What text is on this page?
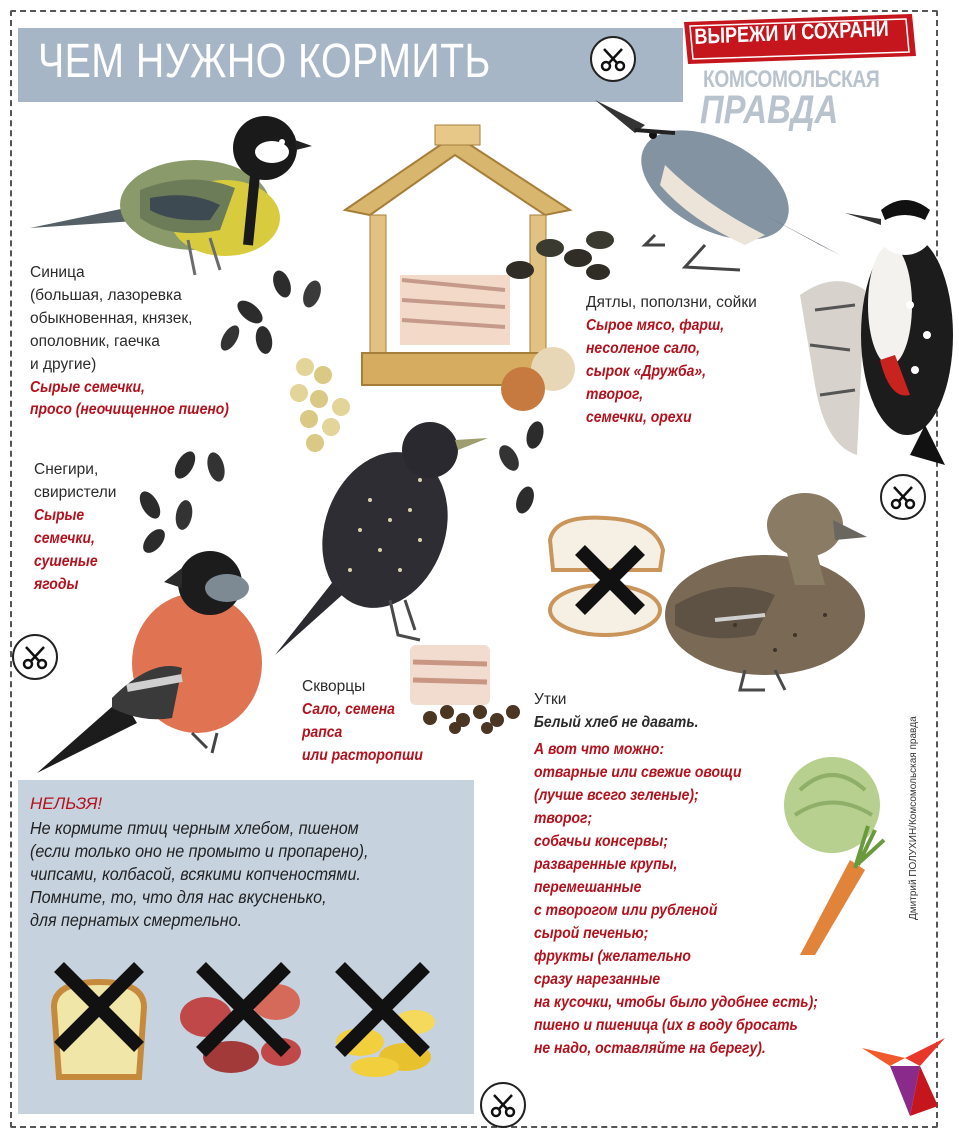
ЧЕМ НУЖНО КОРМИТЬ
ВЫРЕЖИ И СОХРАНИ
КОМСОМОЛЬСКАЯ
ПРАВДА
Синица
(большая, лазоревка
обыкновенная, князек,
ополовник, гаечка
и другие)
Сырые семечки,
просо (неочищенное пшено)
Дятлы, поползни, сойки
Сырое мясо, фарш,
несоленое сало,
сырок «Дружба»,
творог,
семечки, орехи
Снегири,
свиристели
Сырые
семечки,
сушеные
ягоды
Скворцы
Сало, семена
рапса
или расторопши
Утки
Белый хлеб не давать.
А вот что можно:
отварные или свежие овощи
(лучше всего зеленые);
творог;
собачьи консервы;
разваренные крупы,
перемешанные
с творогом или рубленой
сырой печенью;
фрукты (желательно
сразу нарезанные
на кусочки, чтобы было удобнее есть);
пшено и пшеница (их в воду бросать
не надо, оставляйте на берегу).
Дмитрий ПОЛУХИН/Комсомольская правда
НЕЛЬЗЯ!
Не кормите птиц черным хлебом, пшеном
(если только оно не промыто и пропарено),
чипсами, колбасой, всякими копченостями.
Помните, то, что для нас вкусненько,
для пернатых смертельно.
